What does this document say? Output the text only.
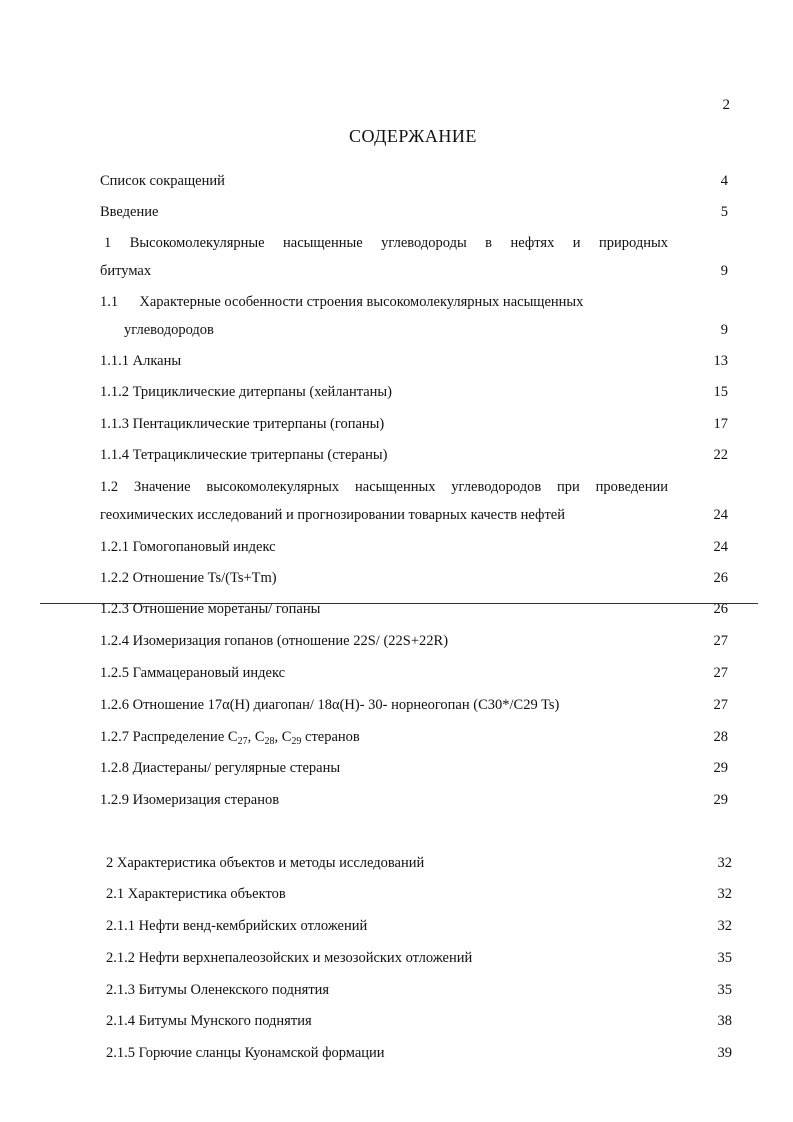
2
СОДЕРЖАНИЕ
Список сокращений	4
Введение	5
1 Высокомолекулярные насыщенные углеводороды в нефтях и природных
битумах	9
1.1 Характерные особенности строения высокомолекулярных насыщенных
углеводородов	9
1.1.1 Алканы	13
1.1.2 Трициклические дитерпаны (хейлантаны)	15
1.1.3 Пентациклические тритерпаны (гопаны)	17
1.1.4 Тетрациклические тритерпаны (стераны)	22
1.2 Значение высокомолекулярных насыщенных углеводородов при проведении
геохимических исследований и прогнозировании товарных качеств нефтей	24
1.2.1 Гомогопановый индекс	24
1.2.2 Отношение Ts/(Ts+Tm)	26
1.2.3 Отношение моретаны/ гопаны	26
1.2.4 Изомеризация гопанов (отношение 22S/ (22S+22R)	27
1.2.5 Гаммацерановый индекс	27
1.2.6 Отношение 17α(H) диагопан/ 18α(H)- 30- норнеогопан (C30*/C29 Ts)	27
1.2.7 Распределение $С_{27}$, $С_{28}$, $С_{29}$ стеранов	28
1.2.8 Диастераны/ регулярные стераны	29
1.2.9 Изомеризация стеранов	29
2 Характеристика объектов и методы исследований	32
2.1 Характеристика объектов	32
2.1.1 Нефти венд-кембрийских отложений	32
2.1.2 Нефти верхнепалеозойских и мезозойских отложений	35
2.1.3 Битумы Оленекского поднятия	35
2.1.4 Битумы Мунского поднятия	38
2.1.5 Горючие сланцы Куонамской формации	39
